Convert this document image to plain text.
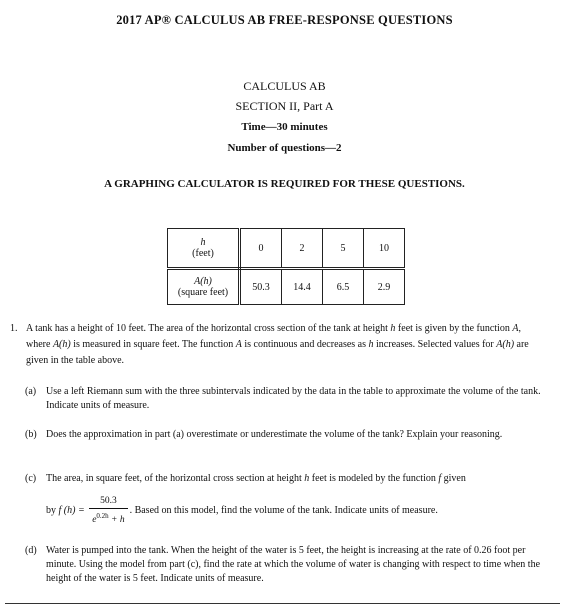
2017 AP® CALCULUS AB FREE-RESPONSE QUESTIONS
CALCULUS AB
SECTION II, Part A
Time—30 minutes
Number of questions—2
A GRAPHING CALCULATOR IS REQUIRED FOR THESE QUESTIONS.
h
(feet)	0	2	5	10
A(h)
(square feet)	50.3	14.4	6.5	2.9
1. A tank has a height of 10 feet. The area of the horizontal cross section of the tank at height h feet is given by the function A, where A(h) is measured in square feet. The function A is continuous and decreases as h increases. Selected values for A(h) are given in the table above.
(a) Use a left Riemann sum with the three subintervals indicated by the data in the table to approximate the volume of the tank. Indicate units of measure.
(b) Does the approximation in part (a) overestimate or underestimate the volume of the tank? Explain your reasoning.
(c) The area, in square feet, of the horizontal cross section at height h feet is modeled by the function f given
by f $(h) = \frac{50.3}{e^{0.2h} + h}$ . Based on this model, find the volume of the tank. Indicate units of measure.
(d) Water is pumped into the tank. When the height of the water is 5 feet, the height is increasing at the rate of 0.26 foot per minute. Using the model from part (c), find the rate at which the volume of water is changing with respect to time when the height of the water is 5 feet. Indicate units of measure.
